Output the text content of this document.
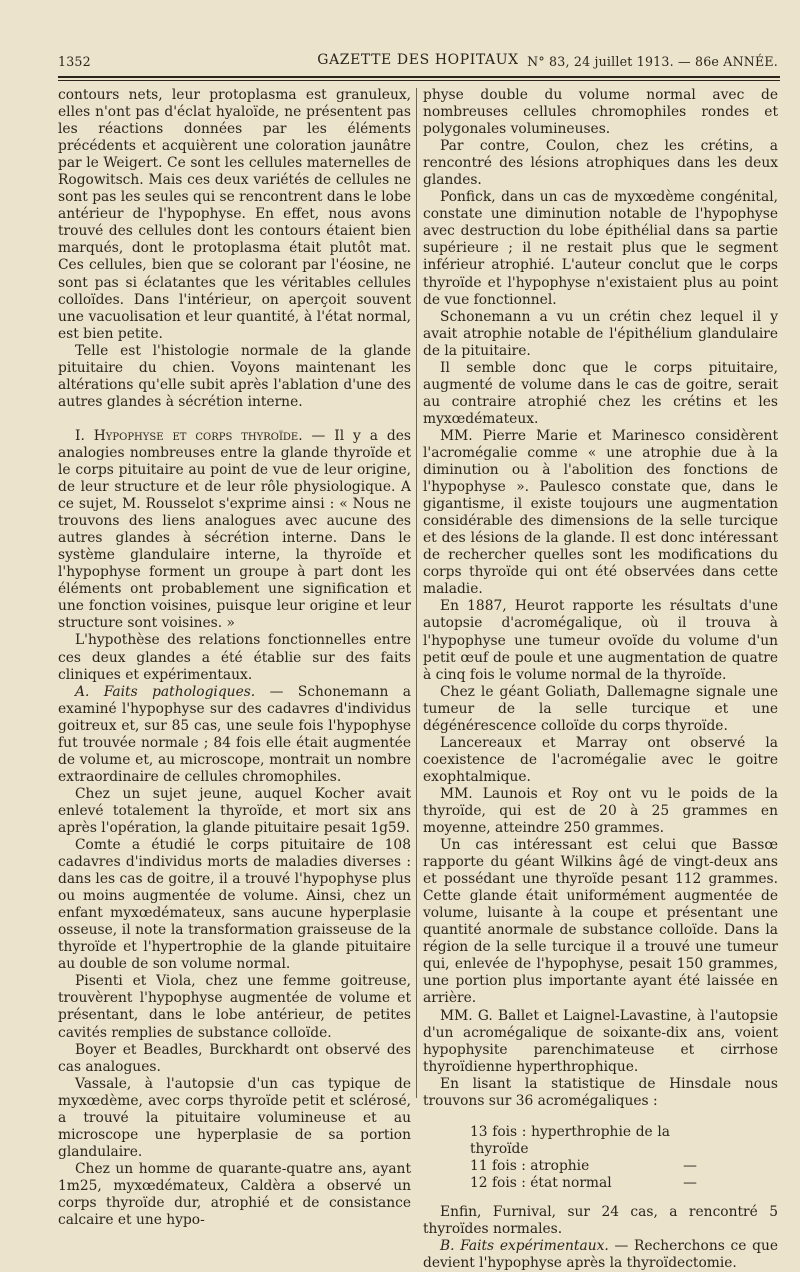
1352	GAZETTE DES HOPITAUX N° 83, 24 juillet 1913. — 86e ANNÉE.

contours nets, leur protoplasma est granuleux, elles n'ont pas d'éclat hyaloïde, ne présentent pas les réactions données par les éléments précédents et acquièrent une coloration jaunâtre par le Weigert. Ce sont les cellules maternelles de Rogowitsch. Mais ces deux variétés de cellules ne sont pas les seules qui se rencontrent dans le lobe antérieur de l'hypophyse. En effet, nous avons trouvé des cellules dont les contours étaient bien marqués, dont le protoplasma était plutôt mat. Ces cellules, bien que se colorant par l'éosine, ne sont pas si éclatantes que les véritables cellules colloïdes. Dans l'intérieur, on aperçoit souvent une vacuolisation et leur quantité, à l'état normal, est bien petite.

Telle est l'histologie normale de la glande pituitaire du chien. Voyons maintenant les altérations qu'elle subit après l'ablation d'une des autres glandes à sécrétion interne.

I. Hypophyse et corps thyroïde. — Il y a des analogies nombreuses entre la glande thyroïde et le corps pituitaire au point de vue de leur origine, de leur structure et de leur rôle physiologique. A ce sujet, M. Rousselot s'exprime ainsi : « Nous ne trouvons des liens analogues avec aucune des autres glandes à sécrétion interne. Dans le système glandulaire interne, la thyroïde et l'hypophyse forment un groupe à part dont les éléments ont probablement une signification et une fonction voisines, puisque leur origine et leur structure sont voisines. »

L'hypothèse des relations fonctionnelles entre ces deux glandes a été établie sur des faits cliniques et expérimentaux.

A. Faits pathologiques. — Schonemann a examiné l'hypophyse sur des cadavres d'individus goitreux et, sur 85 cas, une seule fois l'hypophyse fut trouvée normale ; 84 fois elle était augmentée de volume et, au microscope, montrait un nombre extraordinaire de cellules chromophiles.

Chez un sujet jeune, auquel Kocher avait enlevé totalement la thyroïde, et mort six ans après l'opération, la glande pituitaire pesait 1g59.

Comte a étudié le corps pituitaire de 108 cadavres d'individus morts de maladies diverses : dans les cas de goitre, il a trouvé l'hypophyse plus ou moins augmentée de volume. Ainsi, chez un enfant myxœdémateux, sans aucune hyperplasie osseuse, il note la transformation graisseuse de la thyroïde et l'hypertrophie de la glande pituitaire au double de son volume normal.

Pisenti et Viola, chez une femme goitreuse, trouvèrent l'hypophyse augmentée de volume et présentant, dans le lobe antérieur, de petites cavités remplies de substance colloïde.

Boyer et Beadles, Burckhardt ont observé des cas analogues.

Vassale, à l'autopsie d'un cas typique de myxœdème, avec corps thyroïde petit et sclérosé, a trouvé la pituitaire volumineuse et au microscope une hyperplasie de sa portion glandulaire.

Chez un homme de quarante-quatre ans, ayant 1m25, myxœdémateux, Caldèra a observé un corps thyroïde dur, atrophié et de consistance calcaire et une hypo-

physe double du volume normal avec de nombreuses cellules chromophiles rondes et polygonales volumineuses.

Par contre, Coulon, chez les crétins, a rencontré des lésions atrophiques dans les deux glandes.

Ponfick, dans un cas de myxœdème congénital, constate une diminution notable de l'hypophyse avec destruction du lobe épithélial dans sa partie supérieure ; il ne restait plus que le segment inférieur atrophié. L'auteur conclut que le corps thyroïde et l'hypophyse n'existaient plus au point de vue fonctionnel.

Schonemann a vu un crétin chez lequel il y avait atrophie notable de l'épithélium glandulaire de la pituitaire.

Il semble donc que le corps pituitaire, augmenté de volume dans le cas de goitre, serait au contraire atrophié chez les crétins et les myxœdémateux.

MM. Pierre Marie et Marinesco considèrent l'acromégalie comme « une atrophie due à la diminution ou à l'abolition des fonctions de l'hypophyse ». Paulesco constate que, dans le gigantisme, il existe toujours une augmentation considérable des dimensions de la selle turcique et des lésions de la glande. Il est donc intéressant de rechercher quelles sont les modifications du corps thyroïde qui ont été observées dans cette maladie.

En 1887, Heurot rapporte les résultats d'une autopsie d'acromégalique, où il trouva à l'hypophyse une tumeur ovoïde du volume d'un petit œuf de poule et une augmentation de quatre à cinq fois le volume normal de la thyroïde.

Chez le géant Goliath, Dallemagne signale une tumeur de la selle turcique et une dégénérescence colloïde du corps thyroïde.

Lancereaux et Marray ont observé la coexistence de l'acromégalie avec le goitre exophtalmique.

MM. Launois et Roy ont vu le poids de la thyroïde, qui est de 20 à 25 grammes en moyenne, atteindre 250 grammes.

Un cas intéressant est celui que Bassœ rapporte du géant Wilkins âgé de vingt-deux ans et possédant une thyroïde pesant 112 grammes. Cette glande était uniformément augmentée de volume, luisante à la coupe et présentant une quantité anormale de substance colloïde. Dans la région de la selle turcique il a trouvé une tumeur qui, enlevée de l'hypophyse, pesait 150 grammes, une portion plus importante ayant été laissée en arrière.

MM. G. Ballet et Laignel-Lavastine, à l'autopsie d'un acromégalique de soixante-dix ans, voient hypophysite parenchimateuse et cirrhose thyroïdienne hyperthrophique.

En lisant la statistique de Hinsdale nous trouvons sur 36 acromégaliques :

13 fois : hyperthrophie de la thyroïde
11 fois : atrophie	—
12 fois : état normal	—

Enfin, Furnival, sur 24 cas, a rencontré 5 thyroïdes normales.

B. Faits expérimentaux. — Recherchons ce que devient l'hypophyse après la thyroïdectomie.
